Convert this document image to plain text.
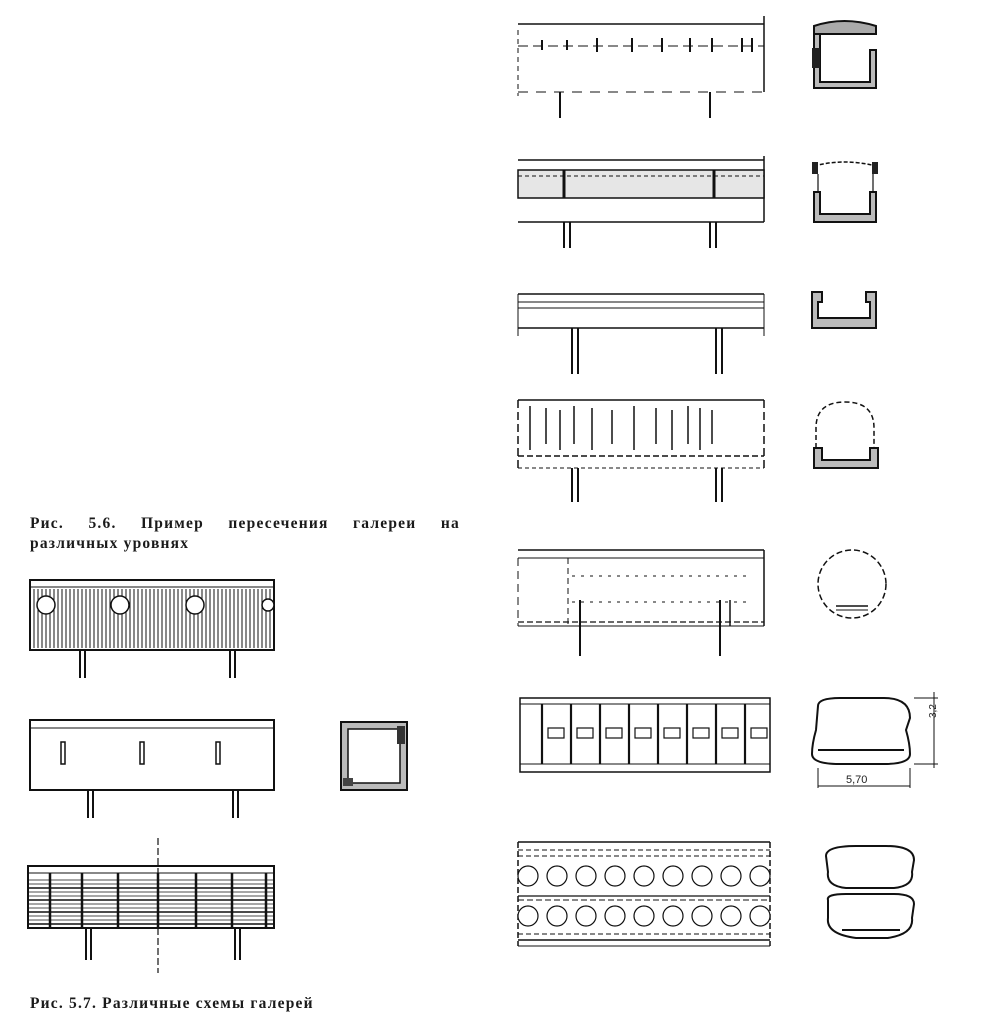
Рис. 5.6. Пример пересечения галереи на
различных уровнях
Рис. 5.7. Различные схемы галерей
5,70
3,2
